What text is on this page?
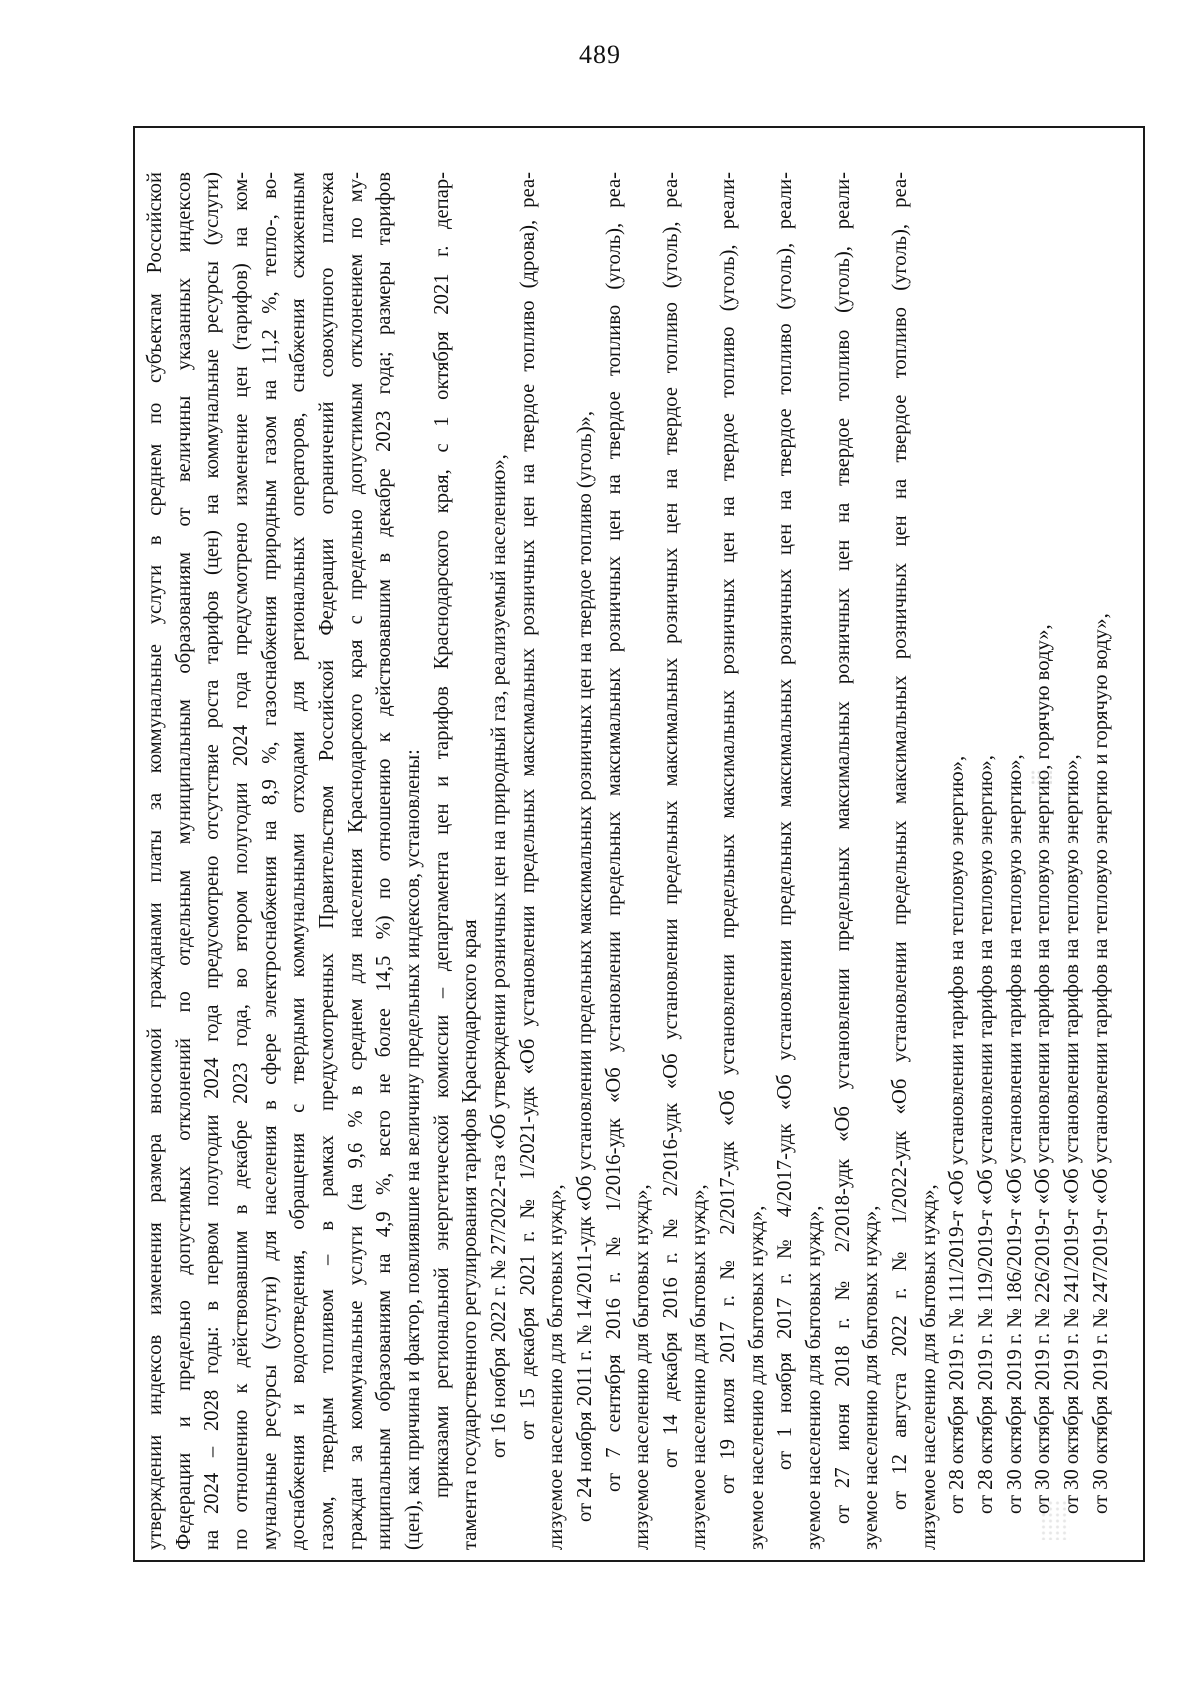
489
утверждении индексов изменения размера вносимой гражданами платы за коммунальные услуги в среднем по субъектам Российской Федерации и предельно допустимых отклонений по отдельным муниципальным образованиям от величины указанных индексов на 2024 – 2028 годы: в первом полугодии 2024 года предусмотрено отсутствие роста тарифов (цен) на коммунальные ресурсы (услуги) по отношению к действовавшим в декабре 2023 года, во втором полугодии 2024 года предусмотрено изменение цен (тарифов) на ком- мунальные ресурсы (услуги) для населения в сфере электроснабжения на 8,9 %, газоснабжения природным газом на 11,2 %, тепло-, во- доснабжения и водоотведения, обращения с твердыми коммунальными отходами для региональных операторов, снабжения сжиженным газом, твердым топливом – в рамках предусмотренных Правительством Российской Федерации ограничений совокупного платежа граждан за коммунальные услуги (на 9,6 % в среднем для населения Краснодарского края с предельно допустимым отклонением по му- ниципальным образованиям на 4,9 %, всего не более 14,5 %) по отношению к действовавшим в декабре 2023 года; размеры тарифов (цен), как причина и фактор, повлиявшие на величину предельных индексов, установлены: приказами региональной энергетической комиссии – департамента цен и тарифов Краснодарского края, с 1 октября 2021 г. депар- тамента государственного регулирования тарифов Краснодарского края от 16 ноября 2022 г. № 27/2022-газ «Об утверждении розничных цен на природный газ, реализуемый населению», от 15 декабря 2021 г. № 1/2021-удк «Об установлении предельных максимальных розничных цен на твердое топливо (дрова), реа- лизуемое населению для бытовых нужд», от 24 ноября 2011 г. № 14/2011-удк «Об установлении предельных максимальных розничных цен на твердое топливо (уголь)», от 7 сентября 2016 г. № 1/2016-удк «Об установлении предельных максимальных розничных цен на твердое топливо (уголь), реа- лизуемое населению для бытовых нужд», от 14 декабря 2016 г. № 2/2016-удк «Об установлении предельных максимальных розничных цен на твердое топливо (уголь), реа- лизуемое населению для бытовых нужд», от 19 июля 2017 г. № 2/2017-удк «Об установлении предельных максимальных розничных цен на твердое топливо (уголь), реали- зуемое населению для бытовых нужд», от 1 ноября 2017 г. № 4/2017-удк «Об установлении предельных максимальных розничных цен на твердое топливо (уголь), реали- зуемое населению для бытовых нужд», от 27 июня 2018 г. № 2/2018-удк «Об установлении предельных максимальных розничных цен на твердое топливо (уголь), реали- зуемое населению для бытовых нужд», от 12 августа 2022 г. № 1/2022-удк «Об установлении предельных максимальных розничных цен на твердое топливо (уголь), реа- лизуемое населению для бытовых нужд», от 28 октября 2019 г. № 111/2019-т «Об установлении тарифов на тепловую энергию», от 28 октября 2019 г. № 119/2019-т «Об установлении тарифов на тепловую энергию», от 30 октября 2019 г. № 186/2019-т «Об установлении тарифов на тепловую энергию», от 30 октября 2019 г. № 226/2019-т «Об установлении тарифов на тепловую энергию, горячую воду», от 30 октября 2019 г. № 241/2019-т «Об установлении тарифов на тепловую энергию», от 30 октября 2019 г. № 247/2019-т «Об установлении тарифов на тепловую энергию и горячую воду»,
